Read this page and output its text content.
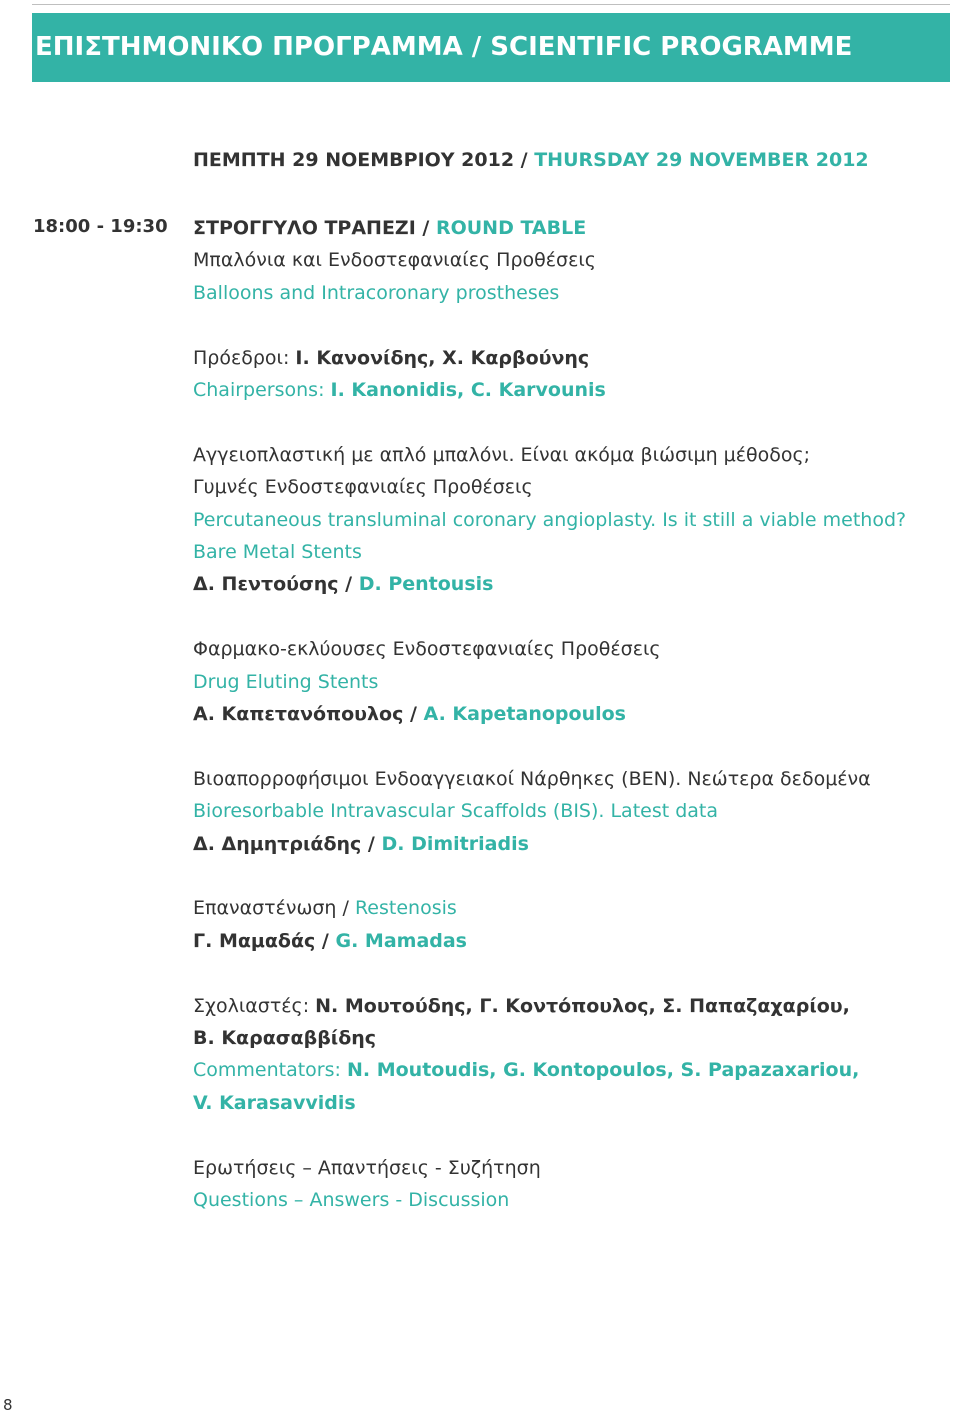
ΕΠΙΣΤΗΜΟΝΙΚΟ ΠΡΟΓΡΑΜΜΑ / SCIENTIFIC PROGRAMME
ΠΕΜΠΤΗ 29 ΝΟΕΜΒΡΙΟΥ 2012 / THURSDAY 29 NOVEMBER 2012
18:00 - 19:30 ΣΤΡΟΓΓΥΛΟ ΤΡΑΠΕΖΙ / ROUND TABLE
Μπαλόνια και Ενδοστεφανιαίες Προθέσεις
Balloons and Intracoronary prostheses
Πρόεδροι: Ι. Κανονίδης, Χ. Καρβούνης
Chairpersons: I. Kanonidis, C. Karvounis
Αγγειοπλαστική με απλό μπαλόνι. Είναι ακόμα βιώσιμη μέθοδος;
Γυμνές Ενδοστεφανιαίες Προθέσεις
Percutaneous transluminal coronary angioplasty. Is it still a viable method?
Bare Metal Stents
Δ. Πεντούσης / D. Pentousis
Φαρμακο-εκλύουσες Ενδοστεφανιαίες Προθέσεις
Drug Eluting Stents
Α. Καπετανόπουλος / A. Kapetanopoulos
Βιοαπορροφήσιμοι Ενδοαγγειακοί Νάρθηκες (ΒΕΝ). Νεώτερα δεδομένα
Bioresorbable Intravascular Scaffolds (BIS). Latest data
Δ. Δημητριάδης / D. Dimitriadis
Επαναστένωση / Restenosis
Γ. Μαμαδάς / G. Mamadas
Σχολιαστές: Ν. Μουτούδης, Γ. Κοντόπουλος, Σ. Παπαζαχαρίου,
Β. Καρασαββίδης
Commentators: N. Moutoudis, G. Kontopoulos, S. Papazaxariou,
V. Karasavvidis
Ερωτήσεις – Απαντήσεις - Συζήτηση
Questions – Answers - Discussion
8
